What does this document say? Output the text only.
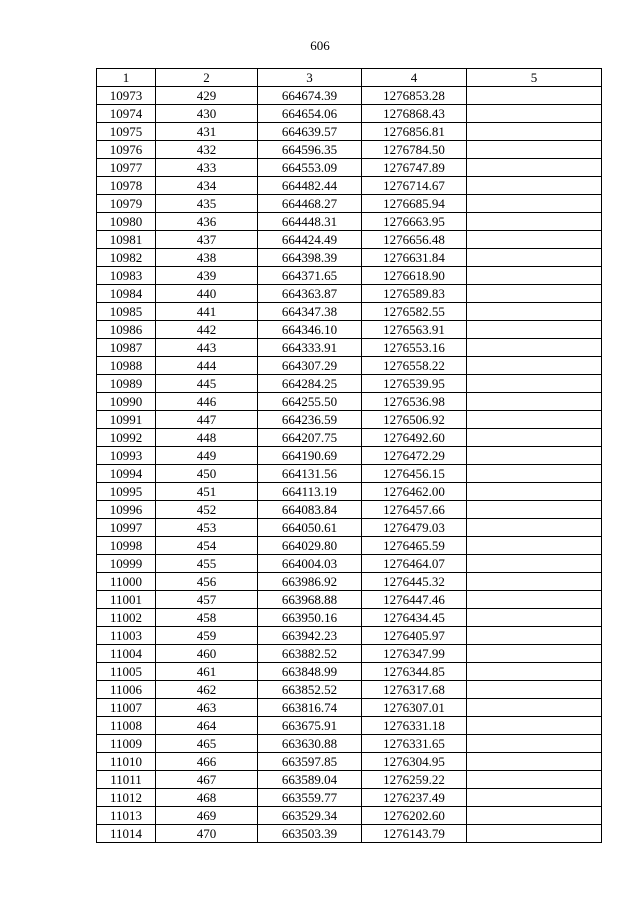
606
1	2	3	4	5
10973	429	664674.39	1276853.28	
10974	430	664654.06	1276868.43	
10975	431	664639.57	1276856.81	
10976	432	664596.35	1276784.50	
10977	433	664553.09	1276747.89	
10978	434	664482.44	1276714.67	
10979	435	664468.27	1276685.94	
10980	436	664448.31	1276663.95	
10981	437	664424.49	1276656.48	
10982	438	664398.39	1276631.84	
10983	439	664371.65	1276618.90	
10984	440	664363.87	1276589.83	
10985	441	664347.38	1276582.55	
10986	442	664346.10	1276563.91	
10987	443	664333.91	1276553.16	
10988	444	664307.29	1276558.22	
10989	445	664284.25	1276539.95	
10990	446	664255.50	1276536.98	
10991	447	664236.59	1276506.92	
10992	448	664207.75	1276492.60	
10993	449	664190.69	1276472.29	
10994	450	664131.56	1276456.15	
10995	451	664113.19	1276462.00	
10996	452	664083.84	1276457.66	
10997	453	664050.61	1276479.03	
10998	454	664029.80	1276465.59	
10999	455	664004.03	1276464.07	
11000	456	663986.92	1276445.32	
11001	457	663968.88	1276447.46	
11002	458	663950.16	1276434.45	
11003	459	663942.23	1276405.97	
11004	460	663882.52	1276347.99	
11005	461	663848.99	1276344.85	
11006	462	663852.52	1276317.68	
11007	463	663816.74	1276307.01	
11008	464	663675.91	1276331.18	
11009	465	663630.88	1276331.65	
11010	466	663597.85	1276304.95	
11011	467	663589.04	1276259.22	
11012	468	663559.77	1276237.49	
11013	469	663529.34	1276202.60	
11014	470	663503.39	1276143.79	
